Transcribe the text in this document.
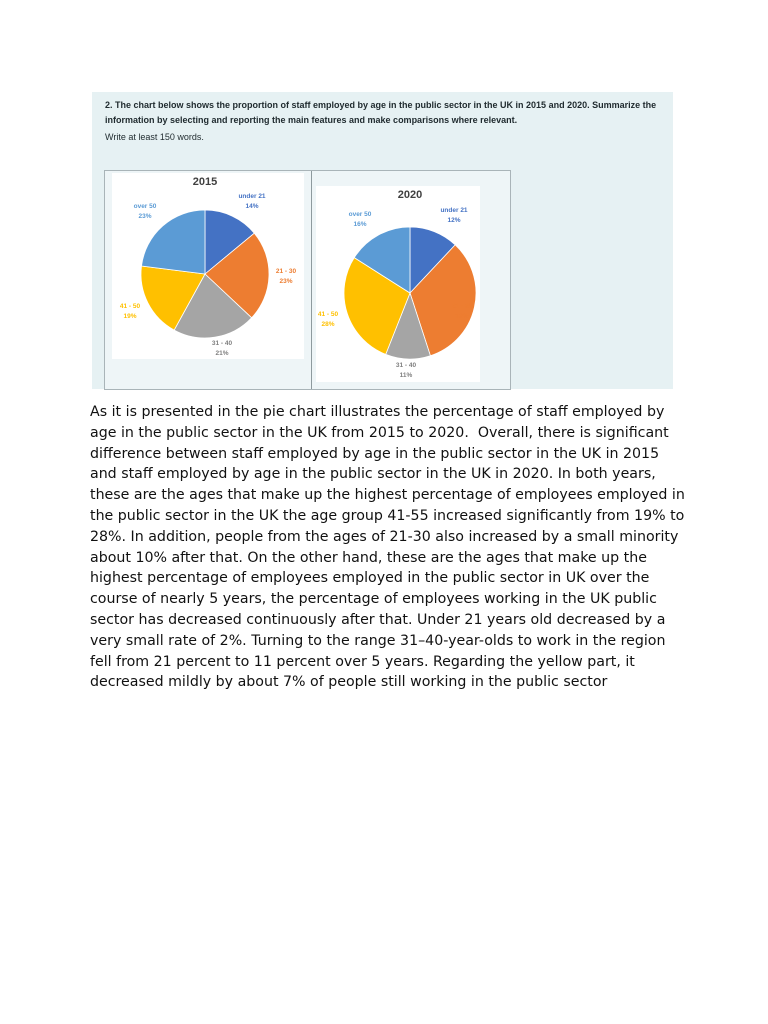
2. The chart below shows the proportion of staff employed by age in the public sector in the UK in 2015 and 2020. Summarize the information by selecting and reporting the main features and make comparisons where relevant.
Write at least 150 words.
2015
under 21
14%
21 - 30
23%
31 - 40
21%
41 - 50
19%
over 50
23%
2020
under 21
12%
21 - 30
33%
31 - 40
11%
41 - 50
28%
over 50
16%
As it is presented in the pie chart illustrates the percentage of staff employed by age in the public sector in the UK from 2015 to 2020.  Overall, there is significant difference between staff employed by age in the public sector in the UK in 2015 and staff employed by age in the public sector in the UK in 2020. In both years, these are the ages that make up the highest percentage of employees employed in the public sector in the UK the age group 41-55 increased significantly from 19% to 28%. In addition, people from the ages of 21-30 also increased by a small minority about 10% after that. On the other hand, these are the ages that make up the highest percentage of employees employed in the public sector in UK over the course of nearly 5 years, the percentage of employees working in the UK public sector has decreased continuously after that. Under 21 years old decreased by a very small rate of 2%. Turning to the range 31–40-year-olds to work in the region fell from 21 percent to 11 percent over 5 years. Regarding the yellow part, it decreased mildly by about 7% of people still working in the public sector
